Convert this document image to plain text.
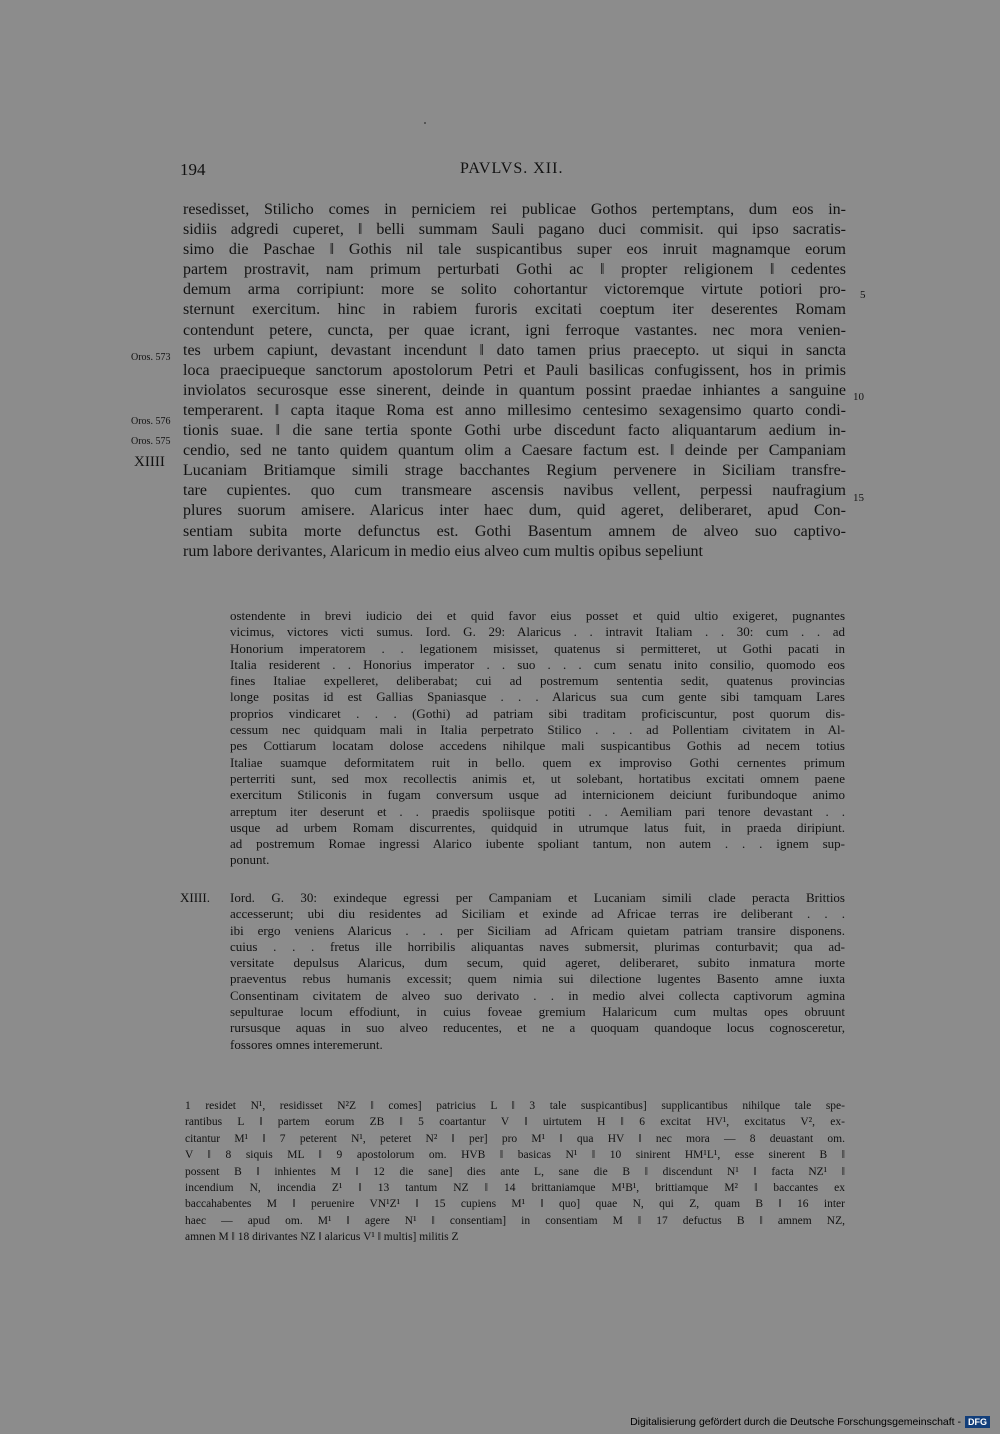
194	PAVLVS. XII.
resedisset, Stilicho comes in perniciem rei publicae Gothos pertemptans, dum eos in-
sidiis adgredi cuperet, ‖ belli summam Sauli pagano duci commisit. qui ipso sacratis-
simo die Paschae ‖ Gothis nil tale suspicantibus super eos inruit magnamque eorum
partem prostravit, nam primum perturbati Gothi ac ‖ propter religionem ‖ cedentes
demum arma corripiunt: more se solito cohortantur victoremque virtute potiori pro-
sternunt exercitum. hinc in rabiem furoris excitati coeptum iter deserentes Romam
contendunt petere, cuncta, per quae icrant, igni ferroque vastantes. nec mora venien-
tes urbem capiunt, devastant incendunt ‖ dato tamen prius praecepto. ut siqui in sancta
loca praecipueque sanctorum apostolorum Petri et Pauli basilicas confugissent, hos in primis
inviolatos securosque esse sinerent, deinde in quantum possint praedae inhiantes a sanguine
temperarent. ‖ capta itaque Roma est anno millesimo centesimo sexagensimo quarto condi-
tionis suae. ‖ die sane tertia sponte Gothi urbe discedunt facto aliquantarum aedium in-
cendio, sed ne tanto quidem quantum olim a Caesare factum est. ‖ deinde per Campaniam
Lucaniam Britiamque simili strage bacchantes Regium pervenere in Siciliam transfre-
tare cupientes. quo cum transmeare ascensis navibus vellent, perpessi naufragium
plures suorum amisere. Alaricus inter haec dum, quid ageret, deliberaret, apud Con-
sentiam subita morte defunctus est. Gothi Basentum amnem de alveo suo captivo-
rum labore derivantes, Alaricum in medio eius alveo cum multis opibus sepeliunt
Oros. 573
Oros. 576
Oros. 575
XIIII
5
10
15
ostendente in brevi iudicio dei et quid favor eius posset et quid ultio exigeret, pugnantes
vicimus, victores victi sumus. Iord. G. 29: Alaricus . . intravit Italiam . . 30: cum . . ad
Honorium imperatorem . . legationem misisset, quatenus si permitteret, ut Gothi pacati in
Italia residerent . . Honorius imperator . . suo . . . cum senatu inito consilio, quomodo eos
fines Italiae expelleret, deliberabat; cui ad postremum sententia sedit, quatenus provincias
longe positas id est Gallias Spaniasque . . . Alaricus sua cum gente sibi tamquam Lares
proprios vindicaret . . . (Gothi) ad patriam sibi traditam proficiscuntur, post quorum dis-
cessum nec quidquam mali in Italia perpetrato Stilico . . . ad Pollentiam civitatem in Al-
pes Cottiarum locatam dolose accedens nihilque mali suspicantibus Gothis ad necem totius
Italiae suamque deformitatem ruit in bello. quem ex improviso Gothi cernentes primum
perterriti sunt, sed mox recollectis animis et, ut solebant, hortatibus excitati omnem paene
exercitum Stiliconis in fugam conversum usque ad internicionem deiciunt furibundoque animo
arreptum iter deserunt et . . praedis spoliisque potiti . . Aemiliam pari tenore devastant . .
usque ad urbem Romam discurrentes, quidquid in utrumque latus fuit, in praeda diripiunt.
ad postremum Romae ingressi Alarico iubente spoliant tantum, non autem . . . ignem sup-
ponunt.
XIIII. Iord. G. 30: exindeque egressi per Campaniam et Lucaniam simili clade peracta Brittios
accesserunt; ubi diu residentes ad Siciliam et exinde ad Africae terras ire deliberant . . .
ibi ergo veniens Alaricus . . . per Siciliam ad Africam quietam patriam transire disponens.
cuius . . . fretus ille horribilis aliquantas naves submersit, plurimas conturbavit; qua ad-
versitate depulsus Alaricus, dum secum, quid ageret, deliberaret, subito inmatura morte
praeventus rebus humanis excessit; quem nimia sui dilectione lugentes Basento amne iuxta
Consentinam civitatem de alveo suo derivato . . in medio alvei collecta captivorum agmina
sepulturae locum effodiunt, in cuius foveae gremium Halaricum cum multas opes obruunt
rursusque aquas in suo alveo reducentes, et ne a quoquam quandoque locus cognosceretur,
fossores omnes interemerunt.
1 residet N¹, residisset N²Z ‖ comes] patricius L ‖ 3 tale suspicantibus] supplicantibus nihilque tale spe-
rantibus L ‖ partem eorum ZB ‖ 5 coartantur V ‖ uirtutem H ‖ 6 excitat HV¹, excitatus V², ex-
citantur M¹ ‖ 7 peterent N¹, peteret N² ‖ per] pro M¹ ‖ qua HV ‖ nec mora — 8 deuastant om.
V ‖ 8 siquis ML ‖ 9 apostolorum om. HVB ‖ basicas N¹ ‖ 10 sinirent HM¹L¹, esse sinerent B ‖
possent B ‖ inhientes M ‖ 12 die sane] dies ante L, sane die B ‖ discendunt N¹ ‖ facta NZ¹ ‖
incendium N, incendia Z¹ ‖ 13 tantum NZ ‖ 14 brittaniamque M¹B¹, brittiamque M² ‖ baccantes ex
baccahabentes M ‖ peruenire VN¹Z¹ ‖ 15 cupiens M¹ ‖ quo] quae N, qui Z, quam B ‖ 16 inter
haec — apud om. M¹ ‖ agere N¹ ‖ consentiam] in consentiam M ‖ 17 defuctus B ‖ amnem NZ,
amnen M ‖ 18 dirivantes NZ ‖ alaricus V¹ ‖ multis] militis Z
Digitalisierung gefördert durch die Deutsche Forschungsgemeinschaft - DFG
